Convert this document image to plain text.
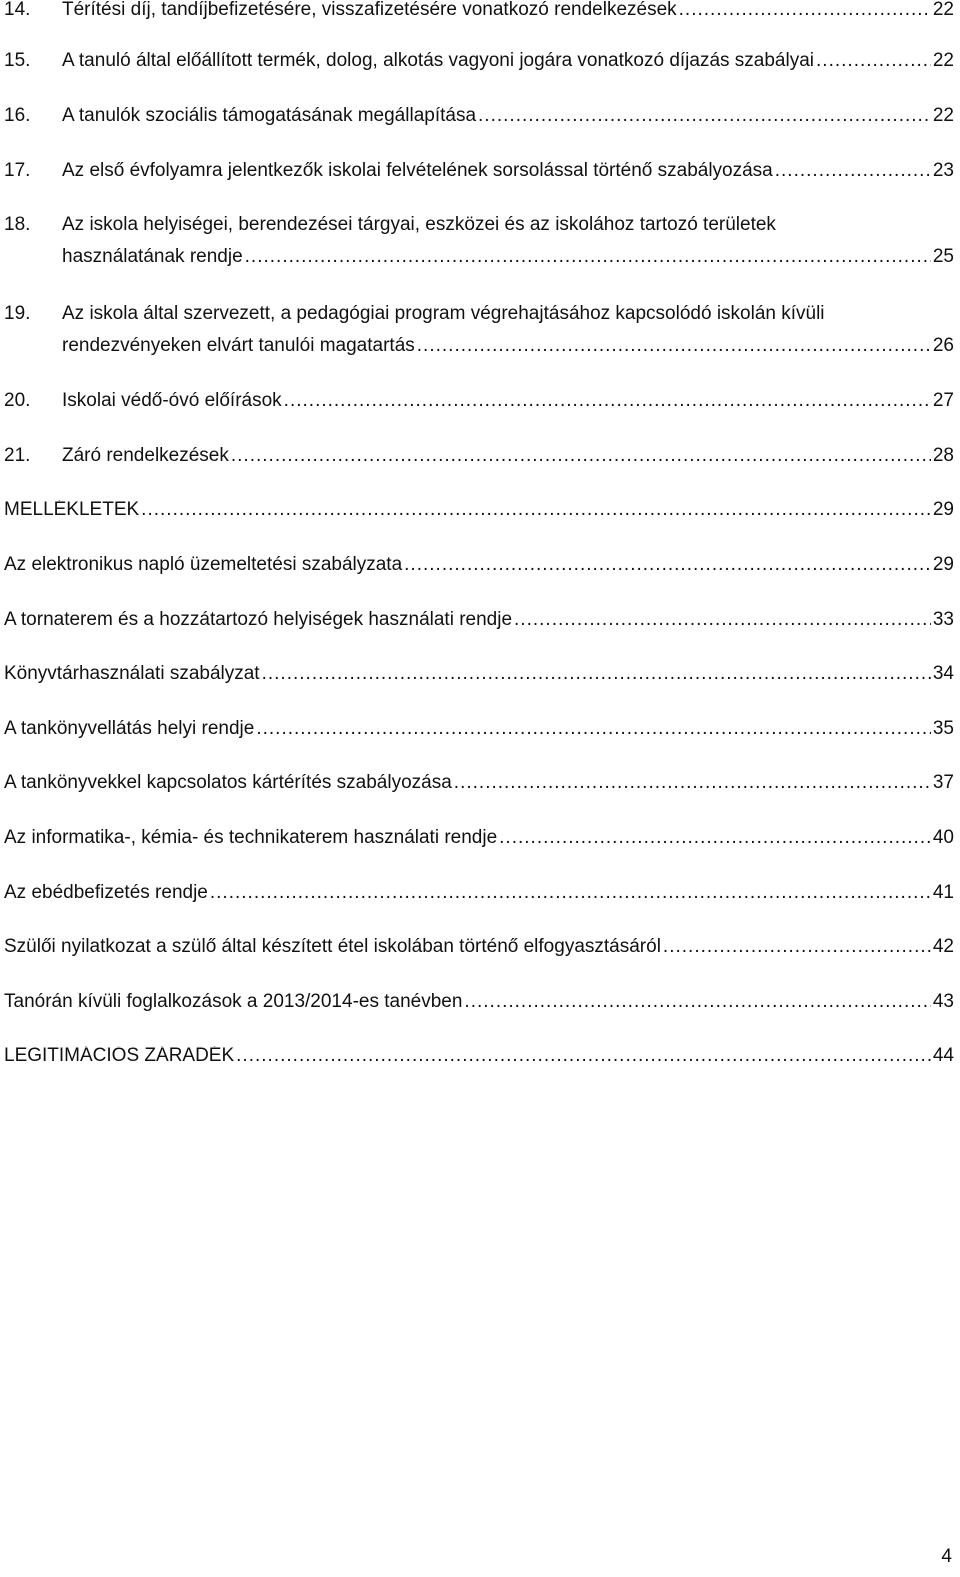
14.	Térítési díj, tandíjbefizetésére, visszafizetésére vonatkozó rendelkezések .....	22
15.	A tanuló által előállított termék, dolog, alkotás vagyoni jogára vonatkozó díjazás szabályai .....	22
16.	A tanulók szociális támogatásának megállapítása .....	22
17.	Az első évfolyamra jelentkezők iskolai felvételének sorsolással történő szabályozása .....	23
18. Az iskola helyiségei, berendezései tárgyai, eszközei és az iskolához tartozó területek
használatának rendje .....	25
19. Az iskola által szervezett, a pedagógiai program végrehajtásához kapcsolódó iskolán kívüli
rendezvényeken elvárt tanulói magatartás .....	26
20.	Iskolai védő-óvó előírások .....	27
21.	Záró rendelkezések .....	28
MELLÉKLETEK .....	29
Az elektronikus napló üzemeltetési szabályzata .....	29
A tornaterem és a hozzátartozó helyiségek használati rendje .....	33
Könyvtárhasználati szabályzat .....	34
A tankönyvellátás helyi rendje .....	35
A tankönyvekkel kapcsolatos kártérítés szabályozása .....	37
Az informatika-, kémia- és technikaterem használati rendje .....	40
Az ebédbefizetés rendje .....	41
Szülői nyilatkozat a szülő által készített étel iskolában történő elfogyasztásáról .....	42
Tanórán kívüli foglalkozások a 2013/2014-es tanévben .....	43
LEGITIMÁCIÓS ZÁRADÉK .....	44
4
